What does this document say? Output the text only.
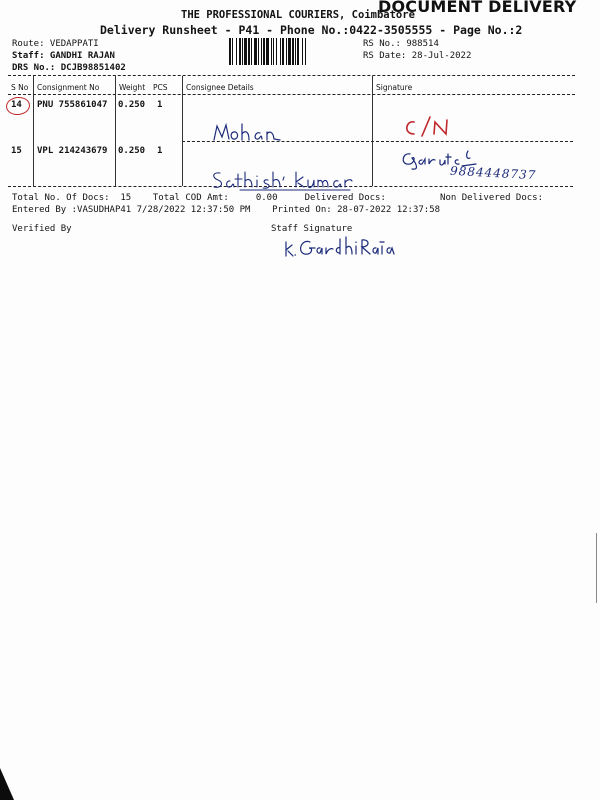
DOCUMENT DELIVERY
THE PROFESSIONAL COURIERS, Coimbatore
Delivery Runsheet - P41 - Phone No.:0422-3505555 - Page No.:2
Route: VEDAPPATI
Staff: GANDHI RAJAN
DRS No.: DCJB98851402
RS No.: 988514
RS Date: 28-Jul-2022
S No Consignment No	Weight PCS Consignee Details	Signature
14 PNU 755861047 0.250 1
15 VPL 214243679 0.250 1
9884448737
Total No. Of Docs:  15    Total COD Amt:     0.00     Delivered Docs:          Non Delivered Docs:
Entered By :VASUDHAP41 7/28/2022 12:37:50 PM    Printed On: 28-07-2022 12:37:58
Verified By	Staff Signature
